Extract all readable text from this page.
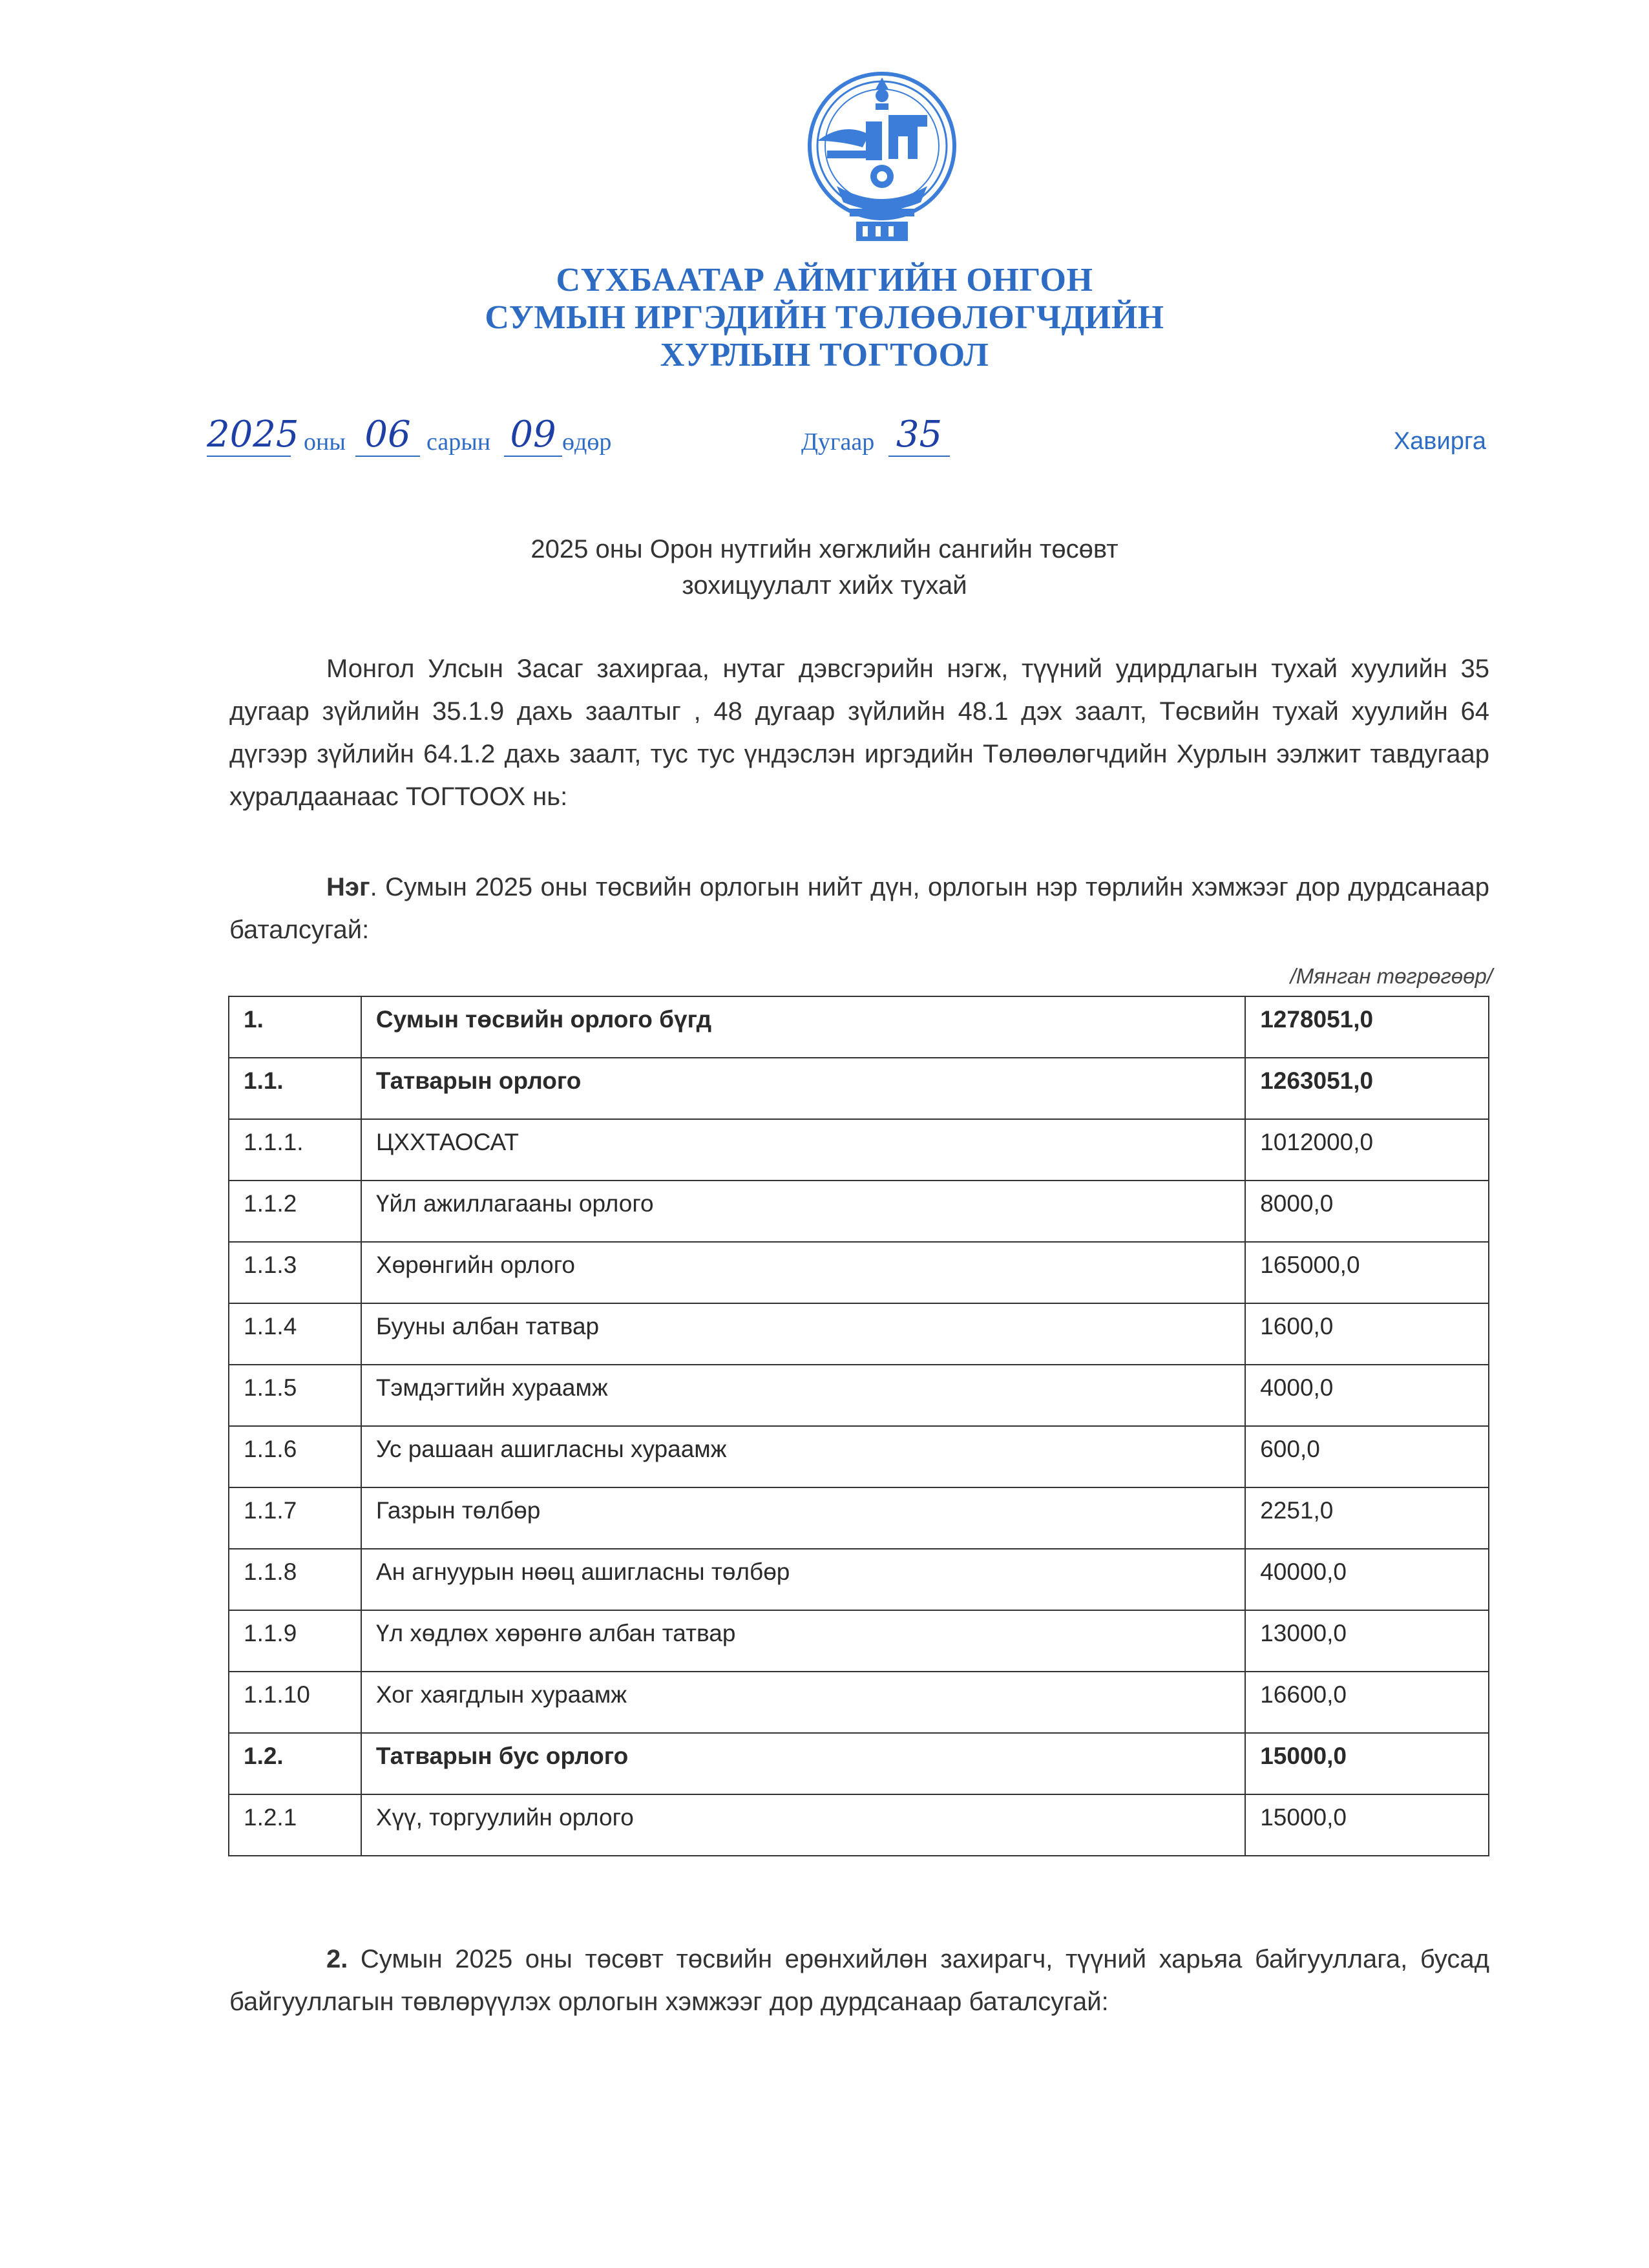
СҮХБААТАР АЙМГИЙН ОНГОН
СУМЫН ИРГЭДИЙН ТӨЛӨӨЛӨГЧДИЙН
ХУРЛЫН ТОГТООЛ
2025 оны 06 сарын 09 өдөр	Дугаар 35	Хавирга
2025 оны Орон нутгийн хөгжлийн сангийн төсөвт
зохицуулалт хийх тухай
Монгол Улсын Засаг захиргаа, нутаг дэвсгэрийн нэгж, түүний удирдлагын тухай хуулийн 35 дугаар зүйлийн 35.1.9 дахь заалтыг , 48 дугаар зүйлийн 48.1 дэх заалт, Төсвийн тухай хуулийн 64 дүгээр зүйлийн 64.1.2 дахь заалт, тус тус үндэслэн иргэдийн Төлөөлөгчдийн Хурлын ээлжит тавдугаар хуралдаанаас ТОГТООХ нь:
Нэг. Сумын 2025 оны төсвийн орлогын нийт дүн, орлогын нэр төрлийн хэмжээг дор дурдсанаар баталсугай:
/Мянган төгрөгөөр/
1.	Сумын төсвийн орлого бүгд	1278051,0
1.1.	Татварын орлого	1263051,0
1.1.1.	ЦХХТАОСАТ	1012000,0
1.1.2	Үйл ажиллагааны орлого	8000,0
1.1.3	Хөрөнгийн орлого	165000,0
1.1.4	Бууны албан татвар	1600,0
1.1.5	Тэмдэгтийн хураамж	4000,0
1.1.6	Ус рашаан ашигласны хураамж	600,0
1.1.7	Газрын төлбөр	2251,0
1.1.8	Ан агнуурын нөөц ашигласны төлбөр	40000,0
1.1.9	Үл хөдлөх хөрөнгө албан татвар	13000,0
1.1.10	Хог хаягдлын хураамж	16600,0
1.2.	Татварын бус орлого	15000,0
1.2.1	Хүү, торгуулийн орлого	15000,0
2. Сумын 2025 оны төсөвт төсвийн ерөнхийлөн захирагч, түүний харьяа байгууллага, бусад байгууллагын төвлөрүүлэх орлогын хэмжээг дор дурдсанаар баталсугай:
